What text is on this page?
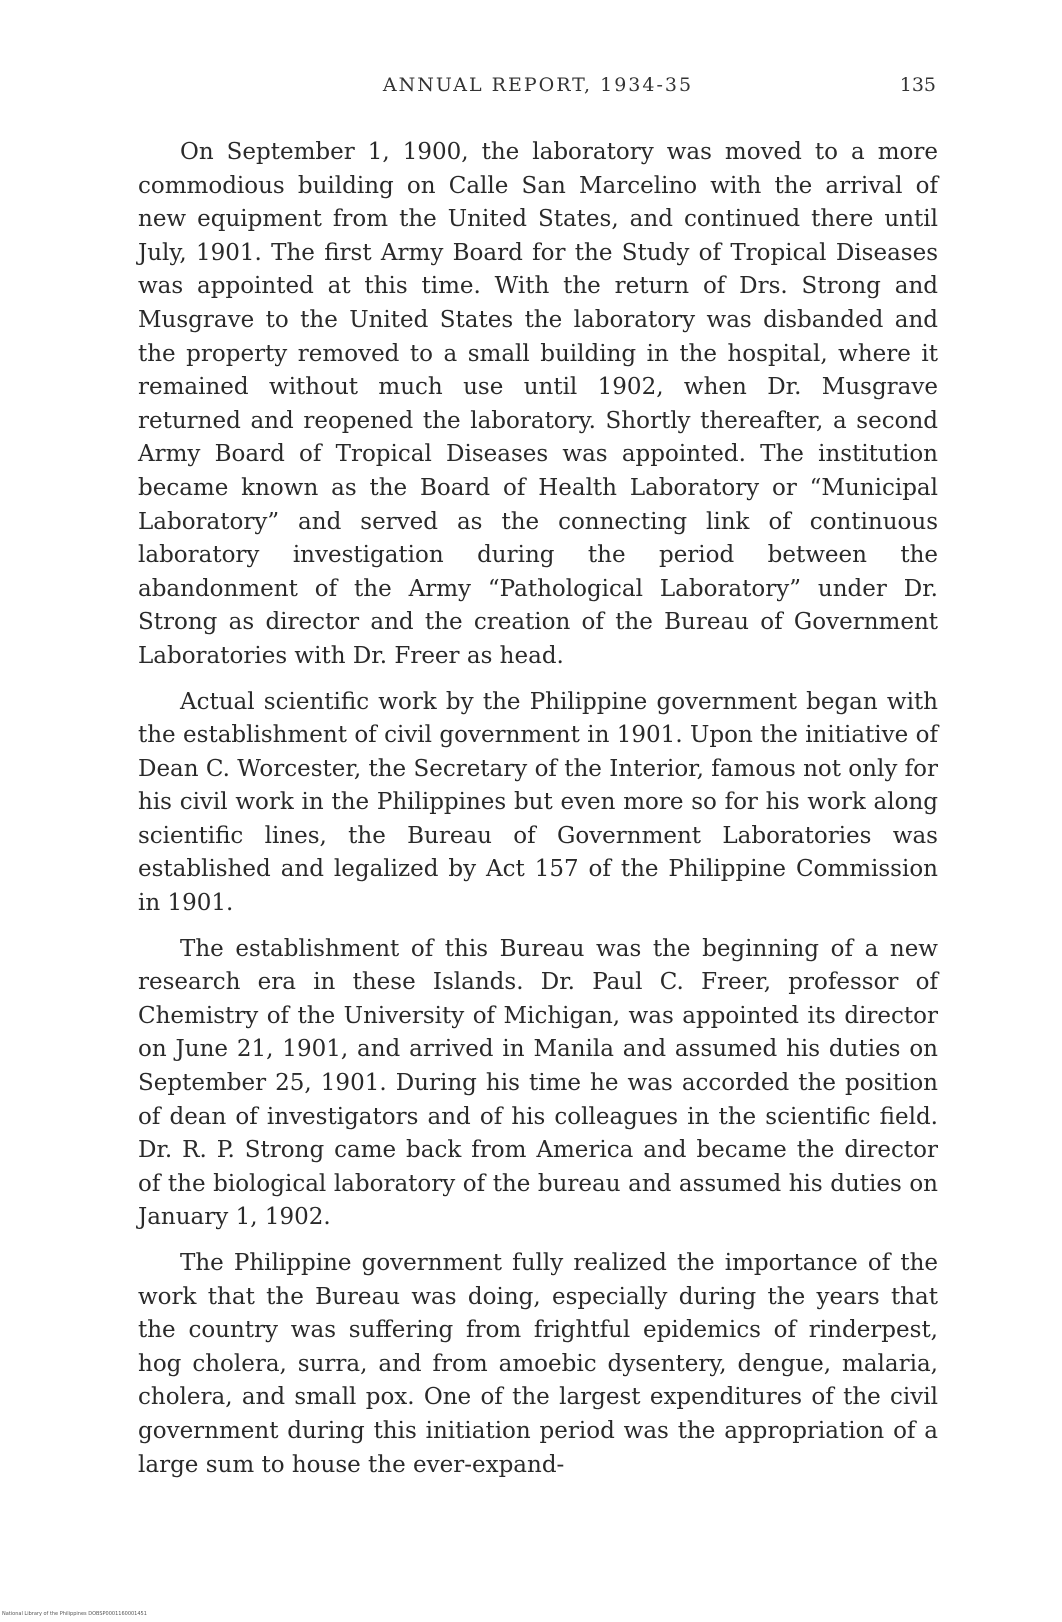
ANNUAL REPORT, 1934-35	135

On September 1, 1900, the laboratory was moved to a more commodious building on Calle San Marcelino with the arrival of new equipment from the United States, and continued there until July, 1901. The first Army Board for the Study of Tropical Diseases was appointed at this time. With the return of Drs. Strong and Musgrave to the United States the laboratory was disbanded and the property removed to a small building in the hospital, where it remained without much use until 1902, when Dr. Musgrave returned and reopened the laboratory. Shortly thereafter, a second Army Board of Tropical Diseases was appointed. The institution became known as the Board of Health Laboratory or “Municipal Laboratory” and served as the connecting link of continuous laboratory investigation during the period between the abandonment of the Army “Pathological Laboratory” under Dr. Strong as director and the creation of the Bureau of Government Laboratories with Dr. Freer as head.

Actual scientific work by the Philippine government began with the establishment of civil government in 1901. Upon the initiative of Dean C. Worcester, the Secretary of the Interior, famous not only for his civil work in the Philippines but even more so for his work along scientific lines, the Bureau of Government Laboratories was established and legalized by Act 157 of the Philippine Commission in 1901.

The establishment of this Bureau was the beginning of a new research era in these Islands. Dr. Paul C. Freer, professor of Chemistry of the University of Michigan, was appointed its director on June 21, 1901, and arrived in Manila and assumed his duties on September 25, 1901. During his time he was accorded the position of dean of investigators and of his colleagues in the scientific field. Dr. R. P. Strong came back from America and became the director of the biological laboratory of the bureau and assumed his duties on January 1, 1902.

The Philippine government fully realized the importance of the work that the Bureau was doing, especially during the years that the country was suffering from frightful epidemics of rinderpest, hog cholera, surra, and from amoebic dysentery, dengue, malaria, cholera, and small pox. One of the largest expenditures of the civil government during this initiation period was the appropriation of a large sum to house the ever-expand-

National Library of the Philippines DOBSP0001160001451
